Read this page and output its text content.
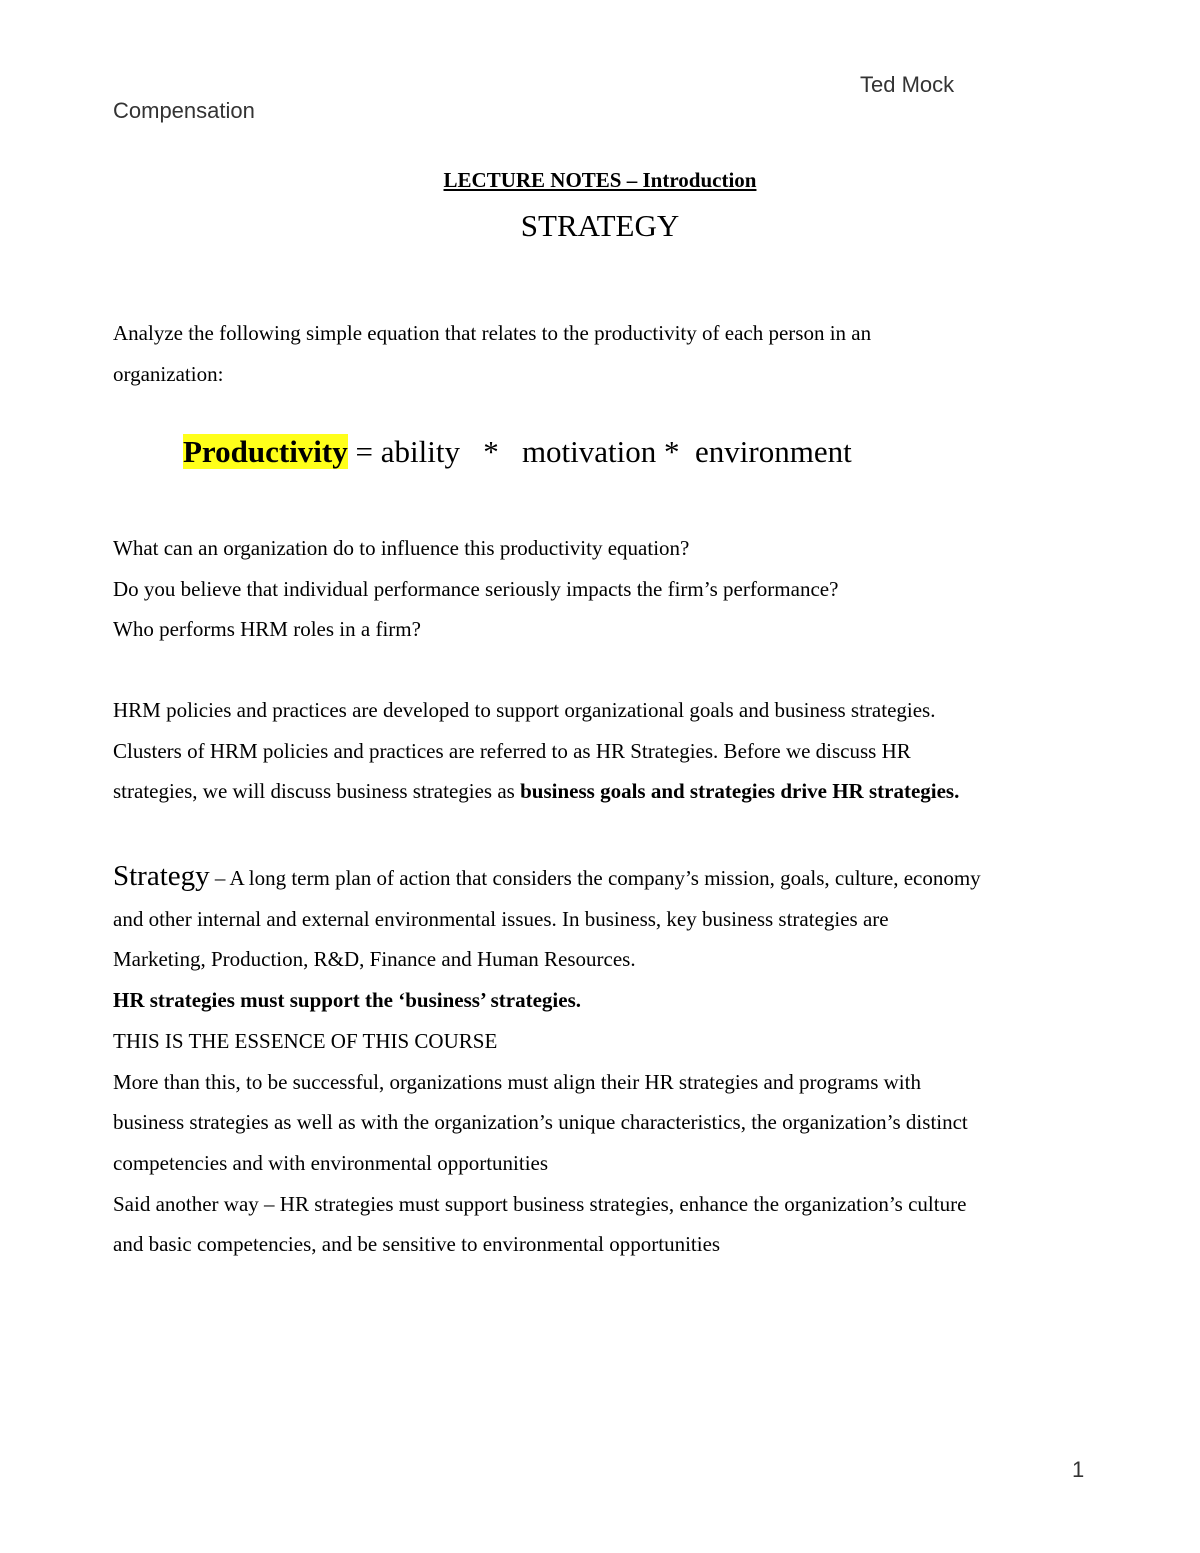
Ted Mock
Compensation
LECTURE NOTES – Introduction
STRATEGY
Analyze the following simple equation that relates to the productivity of each person in an
organization:
Productivity = ability   *   motivation *  environment
What can an organization do to influence this productivity equation?
Do you believe that individual performance seriously impacts the firm’s performance?
Who performs HRM roles in a firm?
HRM policies and practices are developed to support organizational goals and business strategies.
Clusters of HRM policies and practices are referred to as HR Strategies. Before we discuss HR
strategies, we will discuss business strategies as business goals and strategies drive HR strategies.
Strategy – A long term plan of action that considers the company’s mission, goals, culture, economy
and other internal and external environmental issues. In business, key business strategies are
Marketing, Production, R&D, Finance and Human Resources.
HR strategies must support the ‘business’ strategies.
THIS IS THE ESSENCE OF THIS COURSE
More than this, to be successful, organizations must align their HR strategies and programs with
business strategies as well as with the organization’s unique characteristics, the organization’s distinct
competencies and with environmental opportunities
Said another way – HR strategies must support business strategies, enhance the organization’s culture
and basic competencies, and be sensitive to environmental opportunities
1
